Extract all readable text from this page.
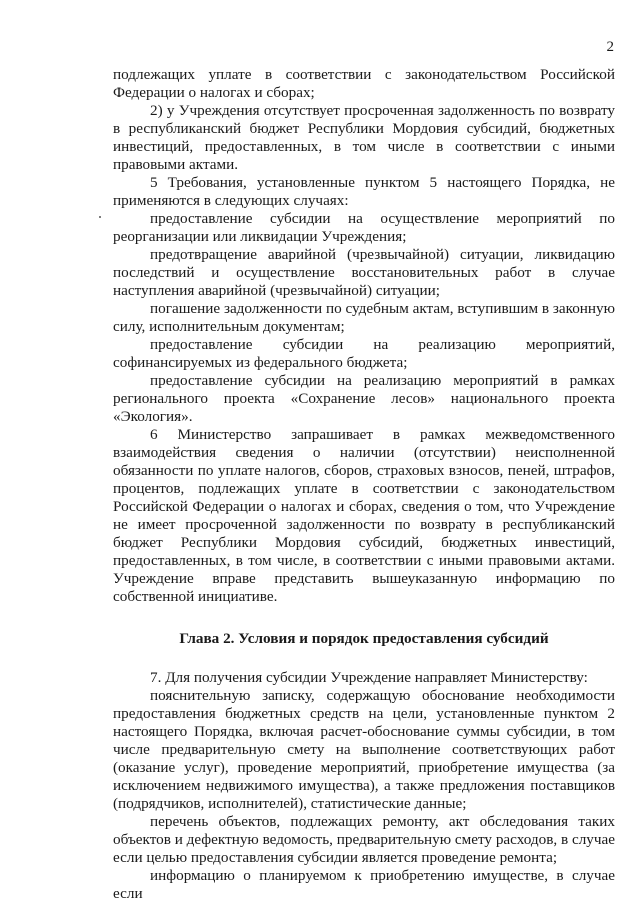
2

подлежащих уплате в соответствии с законодательством Российской Федерации о налогах и сборах;

2) у Учреждения отсутствует просроченная задолженность по возврату в республиканский бюджет Республики Мордовия субсидий, бюджетных инвестиций, предоставленных, в том числе в соответствии с иными правовыми актами.

5 Требования, установленные пунктом 5 настоящего Порядка, не применяются в следующих случаях:

предоставление субсидии на осуществление мероприятий по реорганизации или ликвидации Учреждения;

предотвращение аварийной (чрезвычайной) ситуации, ликвидацию последствий и осуществление восстановительных работ в случае наступления аварийной (чрезвычайной) ситуации;

погашение задолженности по судебным актам, вступившим в законную силу, исполнительным документам;

предоставление субсидии на реализацию мероприятий, софинансируемых из федерального бюджета;

предоставление субсидии на реализацию мероприятий в рамках регионального проекта «Сохранение лесов» национального проекта «Экология».

6 Министерство запрашивает в рамках межведомственного взаимодействия сведения о наличии (отсутствии) неисполненной обязанности по уплате налогов, сборов, страховых взносов, пеней, штрафов, процентов, подлежащих уплате в соответствии с законодательством Российской Федерации о налогах и сборах, сведения о том, что Учреждение не имеет просроченной задолженности по возврату в республиканский бюджет Республики Мордовия субсидий, бюджетных инвестиций, предоставленных, в том числе, в соответствии с иными правовыми актами. Учреждение вправе представить вышеуказанную информацию по собственной инициативе.

Глава 2. Условия и порядок предоставления субсидий

7. Для получения субсидии Учреждение направляет Министерству:

пояснительную записку, содержащую обоснование необходимости предоставления бюджетных средств на цели, установленные пунктом 2 настоящего Порядка, включая расчет-обоснование суммы субсидии, в том числе предварительную смету на выполнение соответствующих работ (оказание услуг), проведение мероприятий, приобретение имущества (за исключением недвижимого имущества), а также предложения поставщиков (подрядчиков, исполнителей), статистические данные;

перечень объектов, подлежащих ремонту, акт обследования таких объектов и дефектную ведомость, предварительную смету расходов, в случае если целью предоставления субсидии является проведение ремонта;

информацию о планируемом к приобретению имуществе, в случае если
